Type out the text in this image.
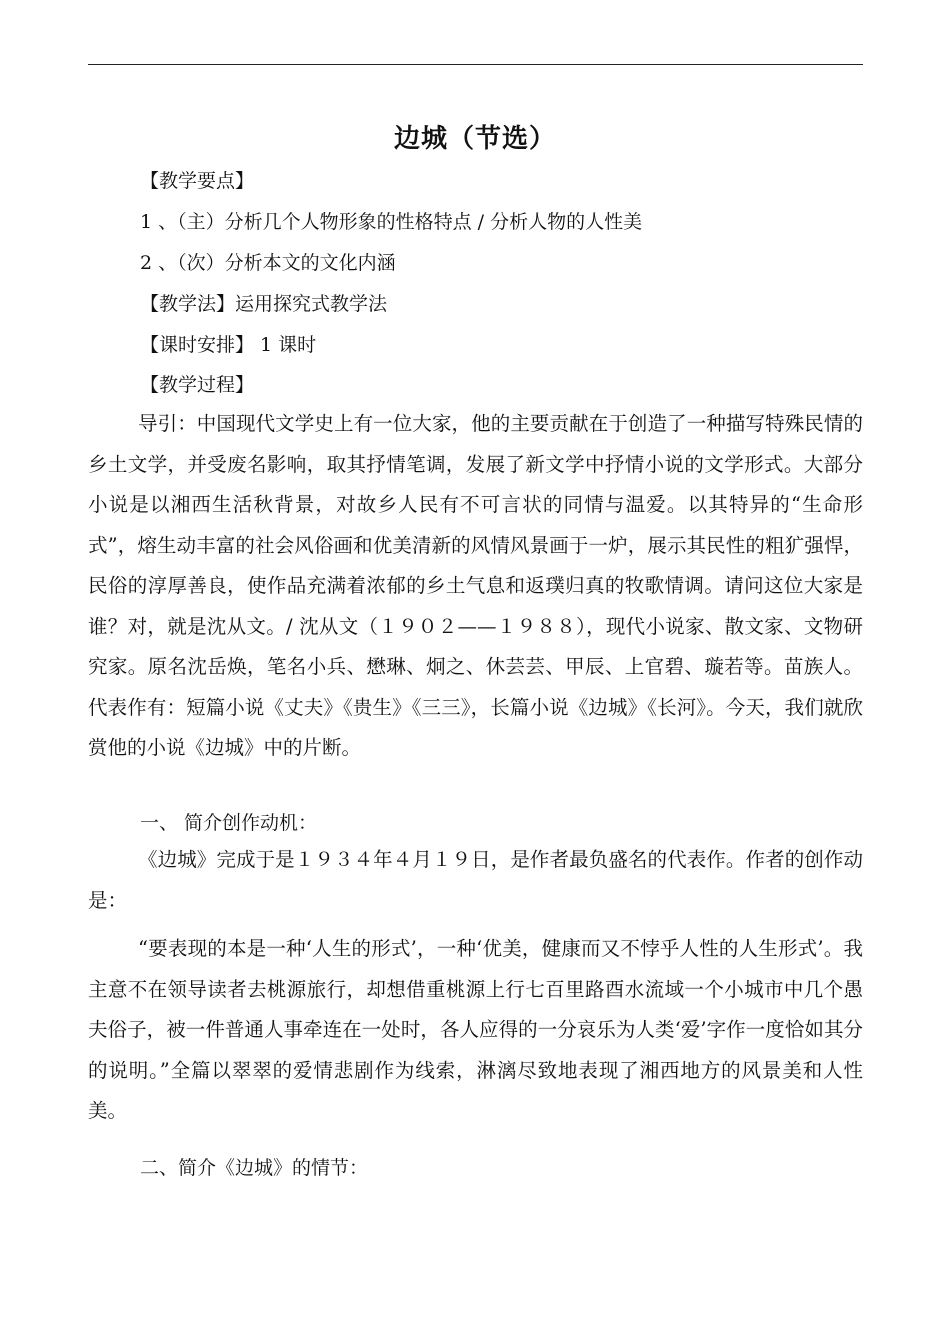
边城（节选）
【教学要点】
1 、（主）分析几个人物形象的性格特点 / 分析人物的人性美
2 、（次）分析本文的文化内涵
【教学法】运用探究式教学法
【课时安排】 1 课时
【教学过程】

导引：中国现代文学史上有一位大家，他的主要贡献在于创造了一种描写特殊民情的乡土文学，并受废名影响，取其抒情笔调，发展了新文学中抒情小说的文学形式。大部分小说是以湘西生活秋背景，对故乡人民有不可言状的同情与温爱。以其特异的“生命形式”，熔生动丰富的社会风俗画和优美清新的风情风景画于一炉，展示其民性的粗犷强悍，民俗的淳厚善良，使作品充满着浓郁的乡土气息和返璞归真的牧歌情调。请问这位大家是谁？对，就是沈从文。/ 沈从文（１９０２——１９８８），现代小说家、散文家、文物研究家。原名沈岳焕，笔名小兵、懋琳、炯之、休芸芸、甲辰、上官碧、璇若等。苗族人。代表作有：短篇小说《丈夫》《贵生》《三三》，长篇小说《边城》《长河》。今天，我们就欣赏他的小说《边城》中的片断。

一、 简介创作动机：

《边城》完成于是１９３４年４月１９日，是作者最负盛名的代表作。作者的创作动是：

“要表现的本是一种‘人生的形式’，一种‘优美，健康而又不悖乎人性的人生形式’。我主意不在领导读者去桃源旅行，却想借重桃源上行七百里路酉水流域一个小城市中几个愚夫俗子，被一件普通人事牵连在一处时，各人应得的一分哀乐为人类‘爱’字作一度恰如其分的说明。”全篇以翠翠的爱情悲剧作为线索，淋漓尽致地表现了湘西地方的风景美和人性美。

二、简介《边城》的情节：
